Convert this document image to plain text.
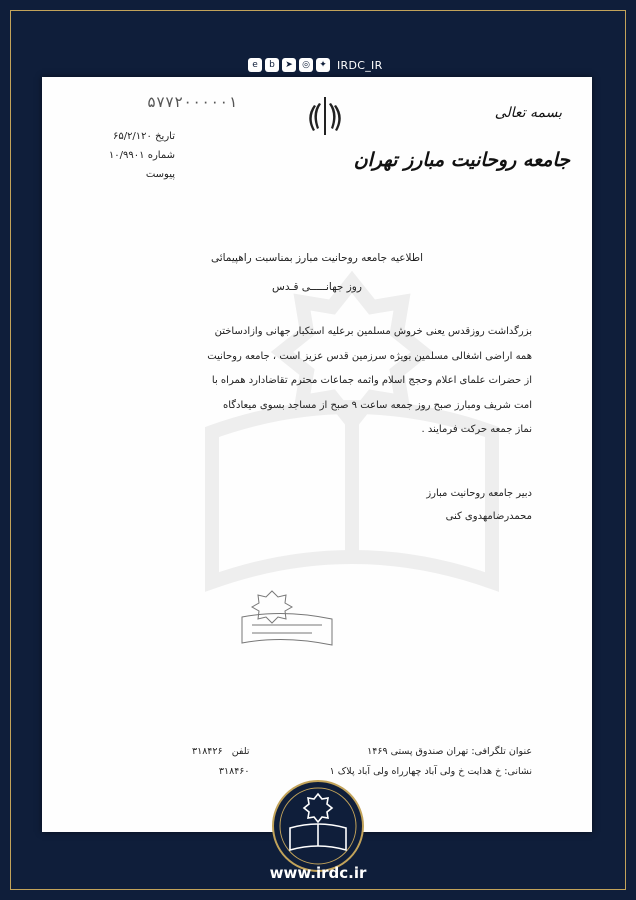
e	b	➤	◎	✦ IRDC_IR
۵۷۷۲۰۰۰۰۰۱
بسمه تعالی
جامعه روحانیت مبارز تهران
تاریخ ۶۵/۲/۱۲۰
شماره ۱۰/۹۹۰۱
پیوست
اطلاعیه جامعه روحانیت مبارز بمناسبت راهپیمائی
روز جهانـــــی قـدس
بزرگداشت روزقدس یعنی خروش مسلمین برعلیه استکبار جهانی وازادساختن
همه اراضی اشغالی مسلمین بویژه سرزمین قدس عزیز است ، جامعه روحانیت
از حضرات علمای اعلام وحجج اسلام واثمه جماعات محترم تقاضادارد همراه با
امت شریف ومبارز صبح روز جمعه ساعت ۹ صبح از مساجد بسوی میعادگاه
نماز جمعه حرکت فرمایند .
دبیر جامعه روحانیت مبارز
محمدرضامهدوی کنی
عنوان تلگرافی: تهران صندوق پستی ۱۴۶۹
نشانی: خ هدایت خ ولی آباد چهارراه ولی آباد پلاک ۱
تلفن   ۳۱۸۴۲۶
۳۱۸۴۶۰
www.irdc.ir
